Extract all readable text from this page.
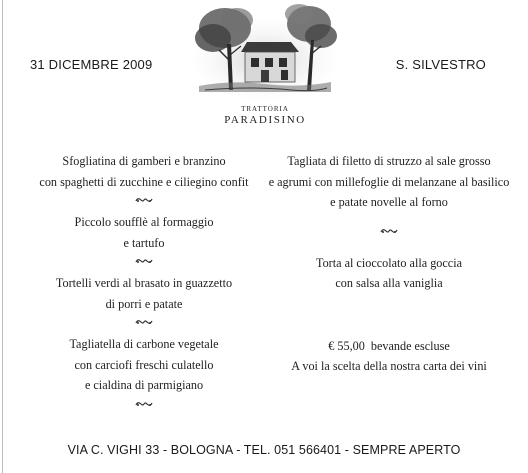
31 DICEMBRE 2009	S. SILVESTRO
TRATTORIA
PARADISINO
Sfogliatina di gamberi e branzino
con spaghetti di zucchine e ciliegino confit
Piccolo soufflè al formaggio
e tartufo
Tortelli verdi al brasato in guazzetto
di porri e patate
Tagliatella di carbone vegetale
con carciofi freschi culatello
e cialdina di parmigiano
Tagliata di filetto di struzzo al sale grosso
e agrumi con millefoglie di melanzane al basilico
e patate novelle al forno
Torta al cioccolato alla goccia
con salsa alla vaniglia
€ 55,00  bevande escluse
A voi la scelta della nostra carta dei vini
VIA C. VIGHI 33 - BOLOGNA - TEL. 051 566401 - SEMPRE APERTO
